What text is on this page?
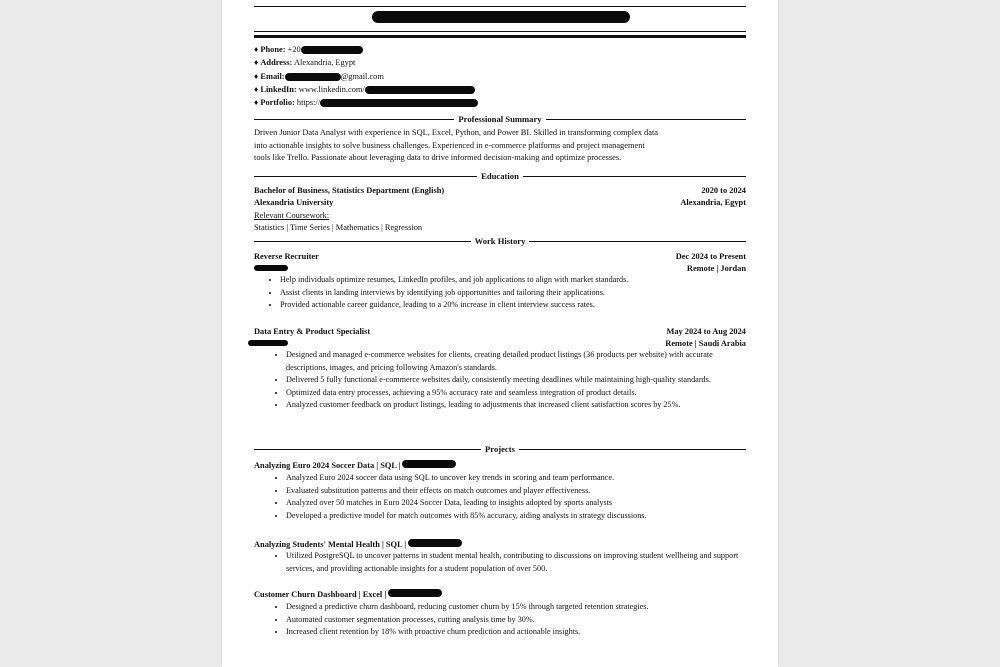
♦ Phone: +20
♦ Address: Alexandria, Egypt
♦ Email:	@gmail.com
♦ LinkedIn: www.linkedin.com/
♦ Portfolio: https://
Professional Summary
Driven Junior Data Analyst with experience in SQL, Excel, Python, and Power BI. Skilled in transforming complex data
into actionable insights to solve business challenges. Experienced in e-commerce platforms and project management
tools like Trello. Passionate about leveraging data to drive informed decision-making and optimize processes.
Education
Bachelor of Business, Statistics Department (English)	2020 to 2024
Alexandria University	Alexandria, Egypt
Relevant Coursework:
Statistics | Time Series | Mathematics | Regression
Work History
Reverse Recruiter	Dec 2024 to Present
Remote | Jordan
• Help individuals optimize resumes, LinkedIn profiles, and job applications to align with market standards.
• Assist clients in landing interviews by identifying job opportunities and tailoring their applications.
• Provided actionable career guidance, leading to a 20% increase in client interview success rates.
Data Entry & Product Specialist	May 2024 to Aug 2024
Remote | Saudi Arabia
• Designed and managed e-commerce websites for clients, creating detailed product listings (36 products per website) with accurate descriptions, images, and pricing following Amazon's standards.
• Delivered 5 fully functional e-commerce websites daily, consistently meeting deadlines while maintaining high-quality standards.
• Optimized data entry processes, achieving a 95% accuracy rate and seamless integration of product details.
• Analyzed customer feedback on product listings, leading to adjustments that increased client satisfaction scores by 25%.
Projects
Analyzing Euro 2024 Soccer Data | SQL |
• Analyzed Euro 2024 soccer data using SQL to uncover key trends in scoring and team performance.
• Evaluated substitution patterns and their effects on match outcomes and player effectiveness.
• Analyzed over 50 matches in Euro 2024 Soccer Data, leading to insights adopted by sports analysts
• Developed a predictive model for match outcomes with 85% accuracy, aiding analysts in strategy discussions.
Analyzing Students' Mental Health | SQL |
• Utilized PostgreSQL to uncover patterns in student mental health, contributing to discussions on improving student wellbeing and support services, and providing actionable insights for a student population of over 500.
Customer Churn Dashboard | Excel |
• Designed a predictive churn dashboard, reducing customer churn by 15% through targeted retention strategies.
• Automated customer segmentation processes, cutting analysis time by 30%.
• Increased client retention by 18% with proactive churn prediction and actionable insights.
